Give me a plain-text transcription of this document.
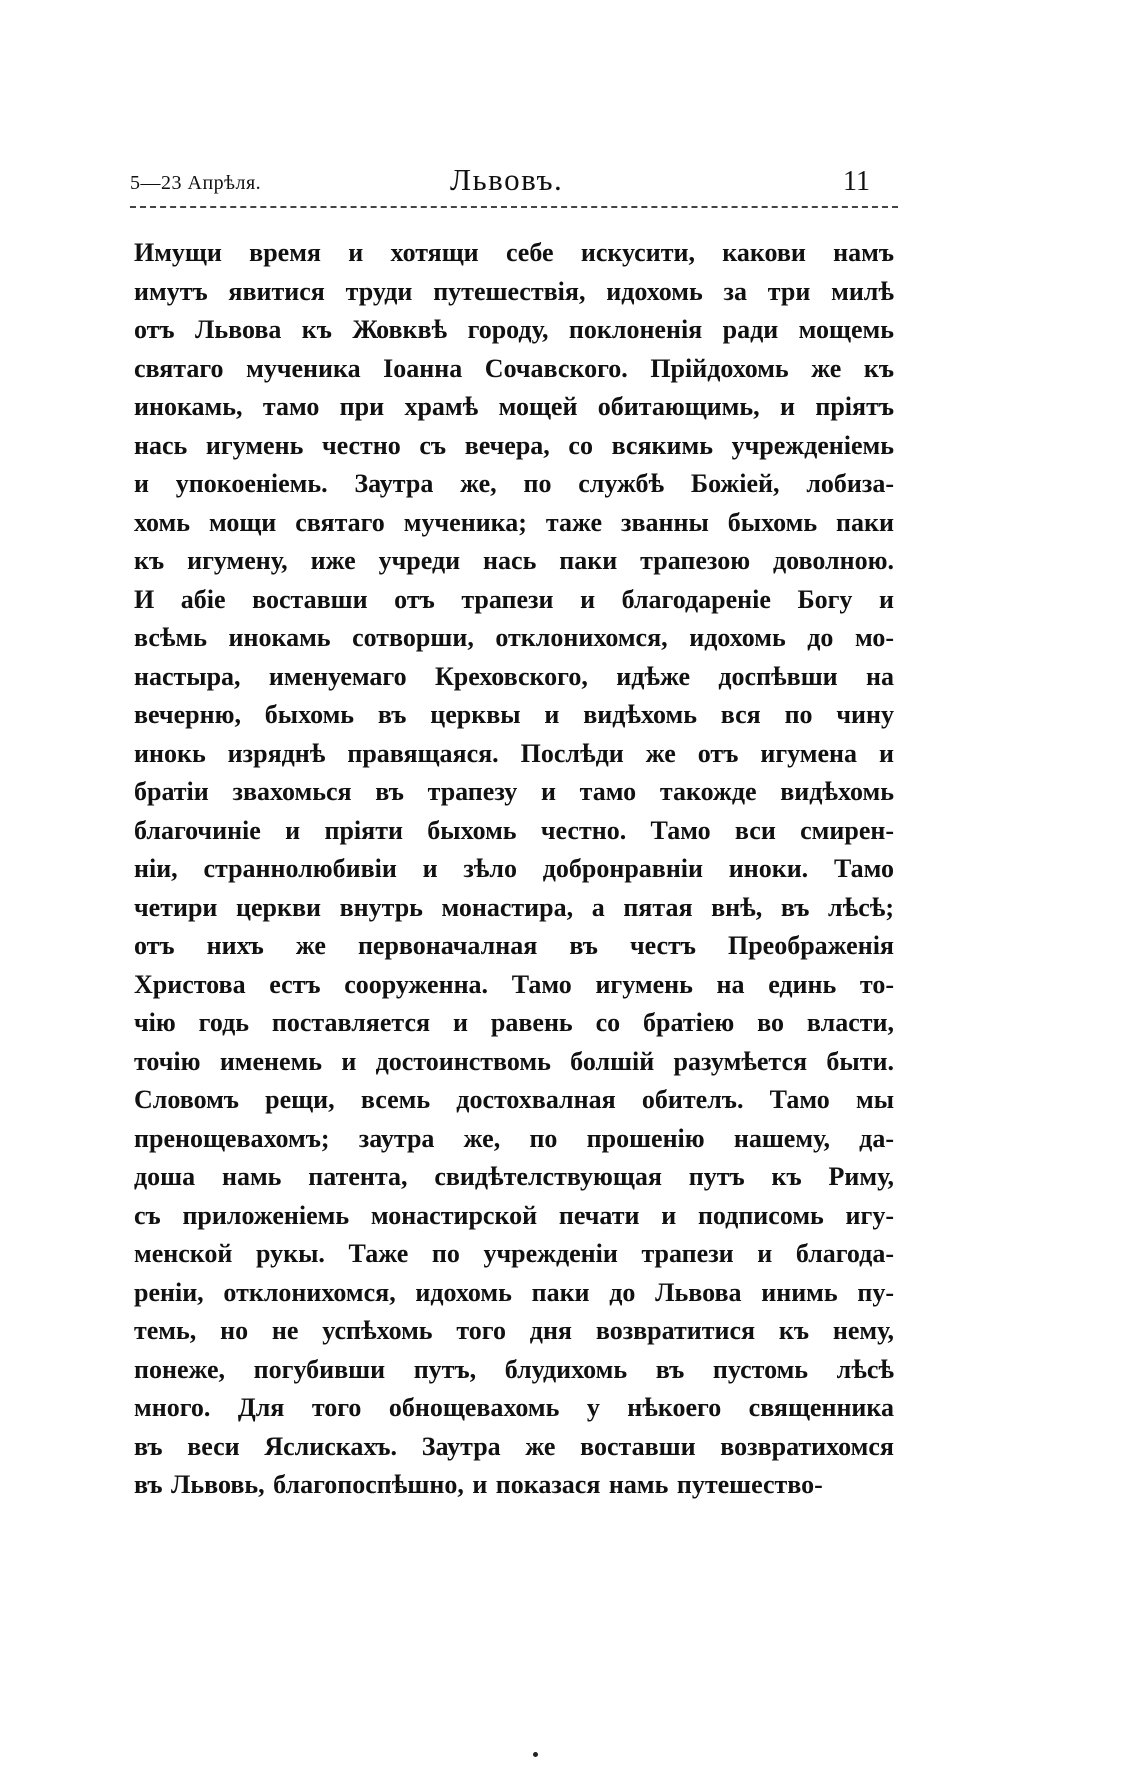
5—23 Апрѣля.	Львовъ.	11
Имущи время и хотящи себе искусити, какови намъ
имутъ явитися труди путешествія, идохомь за три милѣ
отъ Львова къ Жовквѣ городу, поклоненія ради мощемь
святаго мученика Іоанна Сочавского. Прійдохомь же къ
инокамь, тамо при храмѣ мощей обитающимь, и пріятъ
нась игумень честно съ вечера, со всякимь учрежденіемь
и упокоеніемь. Заутра же, по службѣ Божіей, лобиза-
хомь мощи святаго мученика; таже званны быхомь паки
къ игумену, иже учреди нась паки трапезою доволною.
И абіе воставши отъ трапези и благодареніе Богу и
всѣмь инокамь сотворши, отклонихомся, идохомь до мо-
настыра, именуемаго Креховского, идѣже доспѣвши на
вечерню, быхомь въ церквы и видѣхомь вся по чину
инокь изряднѣ правящаяся. Послѣди же отъ игумена и
братіи звахомься въ трапезу и тамо такожде видѣхомь
благочиніе и пріяти быхомь честно. Тамо вси смирен-
ніи, страннолюбивіи и зѣло добронравніи иноки. Тамо
четири церкви внутрь монастира, а пятая внѣ, въ лѣсѣ;
отъ нихъ же первоначалная въ честъ Преображенія
Христова естъ сооруженна. Тамо игумень на единь то-
чію годь поставляется и равень со братіею во власти,
точію именемь и достоинствомь болшій разумѣется быти.
Словомъ рещи, всемь достохвалная обителъ. Тамо мы
пренощевахомъ; заутра же, по прошенію нашему, да-
доша намь патента, свидѣтелствующая путъ къ Риму,
съ приложеніемь монастирской печати и подписомь игу-
менской рукы. Таже по учрежденіи трапези и благода-
реніи, отклонихомся, идохомь паки до Львова инимь пу-
темь, но не успѣхомь того дня возвратитися къ нему,
понеже, погубивши путъ, блудихомь въ пустомь лѣсѣ
много. Для того обнощевахомь у нѣкоего священника
въ веси Яслискахъ. Заутра же воставши возвратихомся
въ Львовь, благопоспѣшно, и показася намь путешество-
